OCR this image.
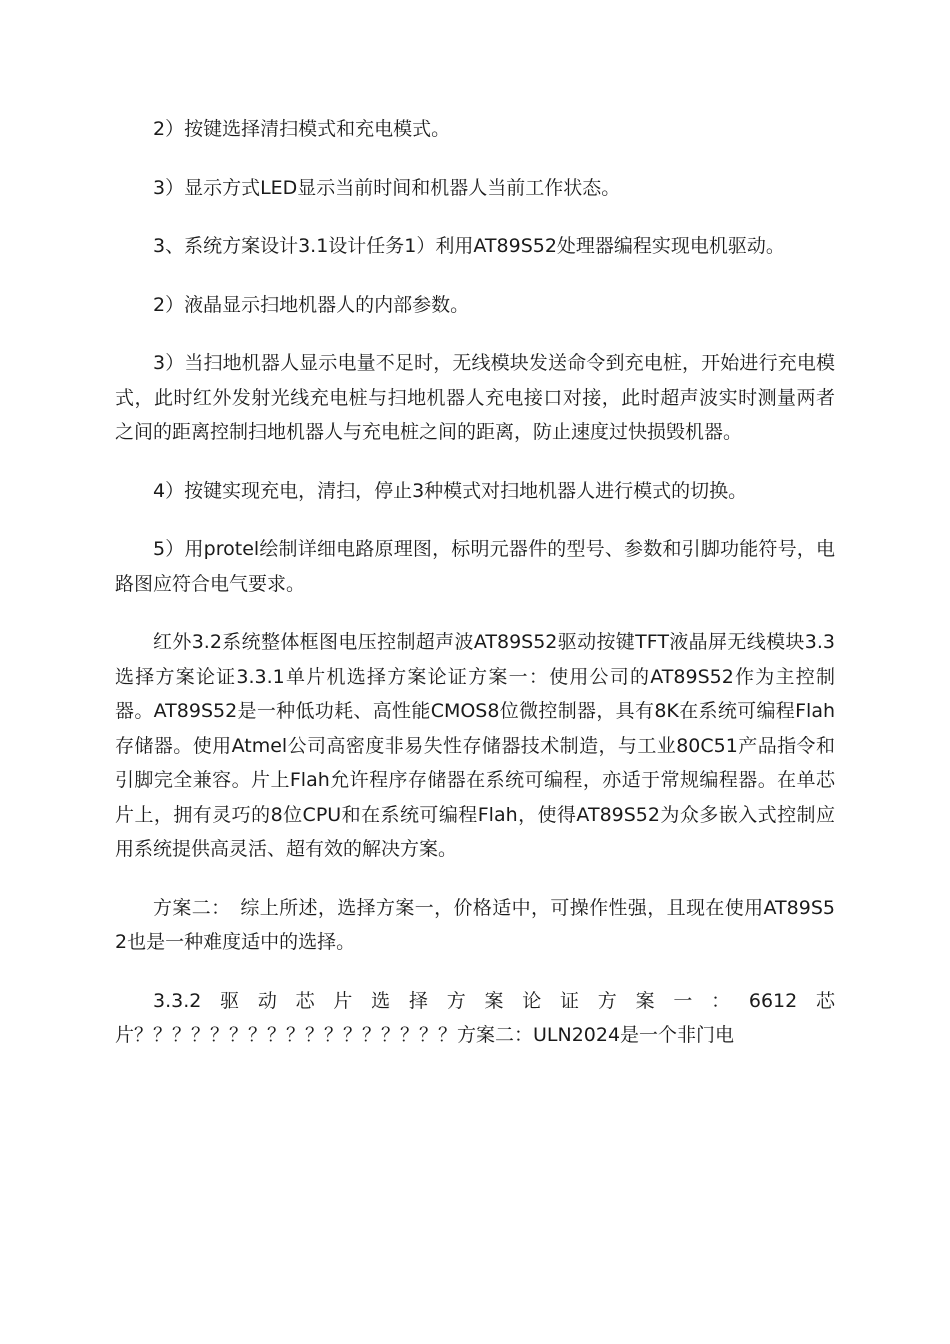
2）按键选择清扫模式和充电模式。

3）显示方式LED显示当前时间和机器人当前工作状态。

3、系统方案设计3.1设计任务1）利用AT89S52处理器编程实现电机驱动。

2）液晶显示扫地机器人的内部参数。

3）当扫地机器人显示电量不足时，无线模块发送命令到充电桩，开始进行充电模式，此时红外发射光线充电桩与扫地机器人充电接口对接，此时超声波实时测量两者之间的距离控制扫地机器人与充电桩之间的距离，防止速度过快损毁机器。

4）按键实现充电，清扫，停止3种模式对扫地机器人进行模式的切换。

5）用protel绘制详细电路原理图，标明元器件的型号、参数和引脚功能符号，电路图应符合电气要求。

红外3.2系统整体框图电压控制超声波AT89S52驱动按键TFT液晶屏无线模块3.3选择方案论证3.3.1单片机选择方案论证方案一：使用公司的AT89S52作为主控制器。AT89S52是一种低功耗、高性能CMOS8位微控制器，具有8K在系统可编程Flah存储器。使用Atmel公司高密度非易失性存储器技术制造，与工业80C51产品指令和引脚完全兼容。片上Flah允许程序存储器在系统可编程，亦适于常规编程器。在单芯片上，拥有灵巧的8位CPU和在系统可编程Flah，使得AT89S52为众多嵌入式控制应用系统提供高灵活、超有效的解决方案。

方案二：　综上所述，选择方案一，价格适中，可操作性强，且现在使用AT89S52也是一种难度适中的选择。

3.3.2驱动芯片选择方案论证方案一：6612芯片？？？？？？？？？？？？？？？？？方案二：ULN2024是一个非门电
